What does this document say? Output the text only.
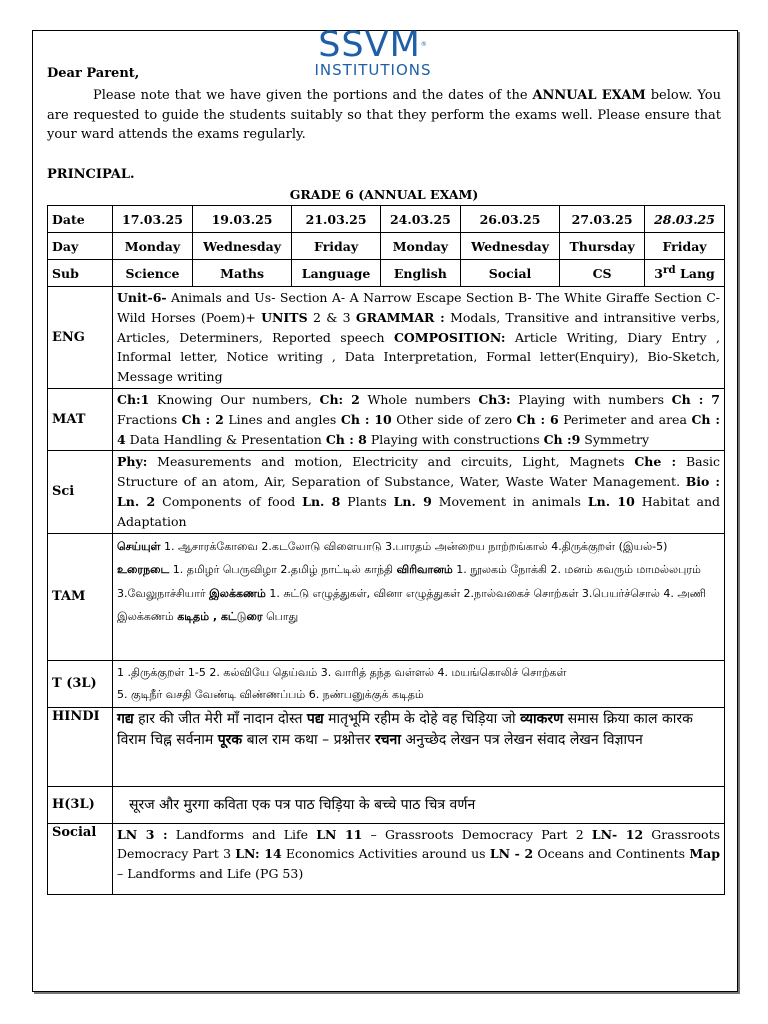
SSVM®
INSTITUTIONS
Dear Parent,

Please note that we have given the portions and the dates of the ANNUAL EXAM below. You are requested to guide the students suitably so that they perform the exams well. Please ensure that your ward attends the exams regularly.

PRINCIPAL.
GRADE 6 (ANNUAL EXAM)
Date	17.03.25	19.03.25	21.03.25	24.03.25	26.03.25	27.03.25	28.03.25
Day	Monday	Wednesday	Friday	Monday	Wednesday	Thursday	Friday
Sub	Science	Maths	Language	English	Social	CS	3rd Lang
ENG	Unit-6- Animals and Us- Section A- A Narrow Escape Section B- The White Giraffe Section C- Wild Horses (Poem)+ UNITS 2 & 3 GRAMMAR : Modals, Transitive and intransitive verbs, Articles, Determiners, Reported speech COMPOSITION: Article Writing, Diary Entry , Informal letter, Notice writing , Data Interpretation, Formal letter(Enquiry), Bio-Sketch, Message writing						
MAT	Ch:1 Knowing Our numbers, Ch: 2 Whole numbers Ch3: Playing with numbers Ch : 7 Fractions Ch : 2 Lines and angles Ch : 10 Other side of zero Ch : 6 Perimeter and area Ch : 4 Data Handling & Presentation Ch : 8 Playing with constructions Ch :9 Symmetry						
Sci	Phy: Measurements and motion, Electricity and circuits, Light, Magnets Che : Basic Structure of an atom, Air, Separation of Substance, Water, Waste Water Management. Bio : Ln. 2 Components of food Ln. 8 Plants Ln. 9 Movement in animals Ln. 10 Habitat and Adaptation						
TAM	செய்யுள் 1. ஆசாரக்கோவை 2.கடலோடு விளையாடு 3.பாரதம் அன்றைய நாற்றங்கால் 4.திருக்குறள் (இயல்-5) உரைநடை 1. தமிழர் பெருவிழா 2.தமிழ் நாட்டில் காந்தி விரிவானம் 1. நூலகம் நோக்கி 2. மனம் கவரும் மாமல்லபுரம் 3.வேலுநாச்சியார் இலக்கணம் 1. சுட்டு எழுத்துகள், வினா எழுத்துகள் 2.நால்வகைச் சொற்கள் 3.பெயர்ச்சொல் 4. அணி இலக்கணம் கடிதம் , கட்டுரை பொது						
T (3L)	1 .திருக்குறள் 1-5 2. கல்வியே தெய்வம் 3. வாரித் தந்த வள்ளல் 4. மயங்கொலிச் சொற்கள்
5. குடிநீர் வசதி வேண்டி விண்ணப்பம் 6. நண்பனுக்குக் கடிதம்						

HINDI	गद्य हार की जीत मेरी माँ नादान दोस्त पद्य मातृभूमि रहीम के दोहे वह चिड़िया जो व्याकरण समास क्रिया काल कारक विराम चिह्न सर्वनाम पूरक बाल राम कथा – प्रश्नोत्तर रचना अनुच्छेद लेखन पत्र लेखन संवाद लेखन विज्ञापन						
H(3L)	सूरज और मुरगा कविता एक पत्र पाठ चिड़िया के बच्चे पाठ चित्र वर्णन						
Social	LN 3 : Landforms and Life LN 11 – Grassroots Democracy Part 2 LN- 12 Grassroots Democracy Part 3 LN: 14 Economics Activities around us LN - 2 Oceans and Continents Map – Landforms and Life (PG 53)						
